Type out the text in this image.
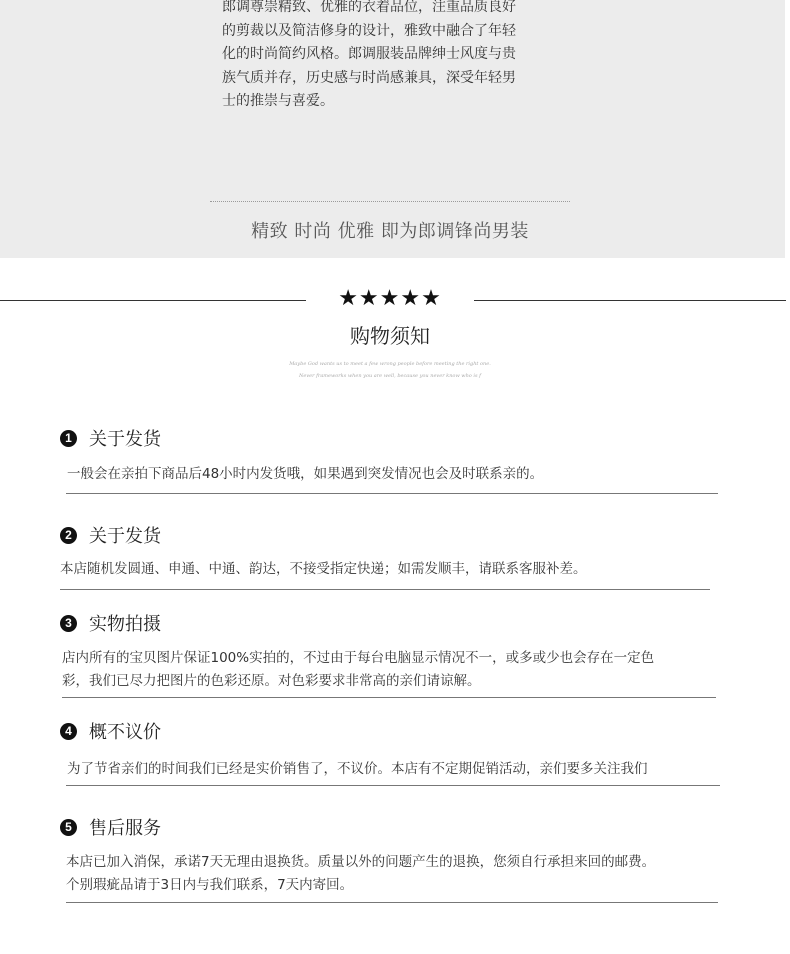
郎调尊崇精致、优雅的衣着品位，注重品质良好
的剪裁以及简洁修身的设计，雅致中融合了年轻
化的时尚简约风格。郎调服装品牌绅士风度与贵
族气质并存，历史感与时尚感兼具，深受年轻男
士的推崇与喜爱。
精致 时尚 优雅 即为郎调锋尚男装
★★★★★
购物须知
Maybe God wants us to meet a few wrong people before meeting the right one.
Never frameworks when you are well, because you never know who is f
1 关于发货
一般会在亲拍下商品后48小时内发货哦，如果遇到突发情况也会及时联系亲的。
2 关于发货
本店随机发圆通、申通、中通、韵达，不接受指定快递；如需发顺丰，请联系客服补差。
3 实物拍摄
店内所有的宝贝图片保证100%实拍的，不过由于每台电脑显示情况不一，或多或少也会存在一定色
彩，我们已尽力把图片的色彩还原。对色彩要求非常高的亲们请谅解。
4 概不议价
为了节省亲们的时间我们已经是实价销售了，不议价。本店有不定期促销活动，亲们要多关注我们
5 售后服务
本店已加入消保，承诺7天无理由退换货。质量以外的问题产生的退换，您须自行承担来回的邮费。
个别瑕疵品请于3日内与我们联系，7天内寄回。
